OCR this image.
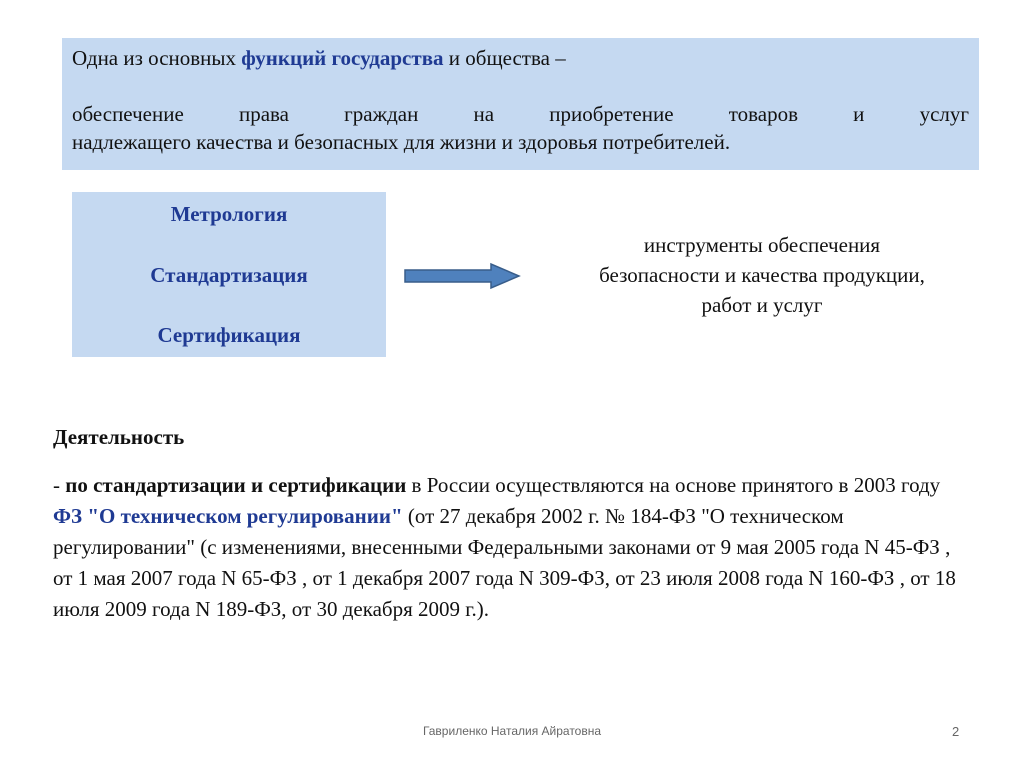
Одна из основных функций государства и общества –

обеспечение права граждан на приобретение товаров и услуг

надлежащего качества и безопасных для жизни и здоровья потребителей.

Метрология
Стандартизация
Сертификация
инструменты обеспечения
безопасности и качества продукции,
работ и услуг
Деятельность
- по стандартизации и сертификации в России осуществляются на основе принятого в 2003 году ФЗ "О техническом регулировании" (от 27 декабря 2002 г. № 184-ФЗ "О техническом регулировании" (с изменениями, внесенными Федеральными законами от 9 мая 2005 года N 45-ФЗ , от 1 мая 2007 года N 65-ФЗ , от 1 декабря 2007 года N 309-ФЗ, от 23 июля 2008 года N 160-ФЗ , от 18 июля 2009 года N 189-ФЗ, от 30 декабря 2009 г.).
Гавриленко Наталия Айратовна	2
